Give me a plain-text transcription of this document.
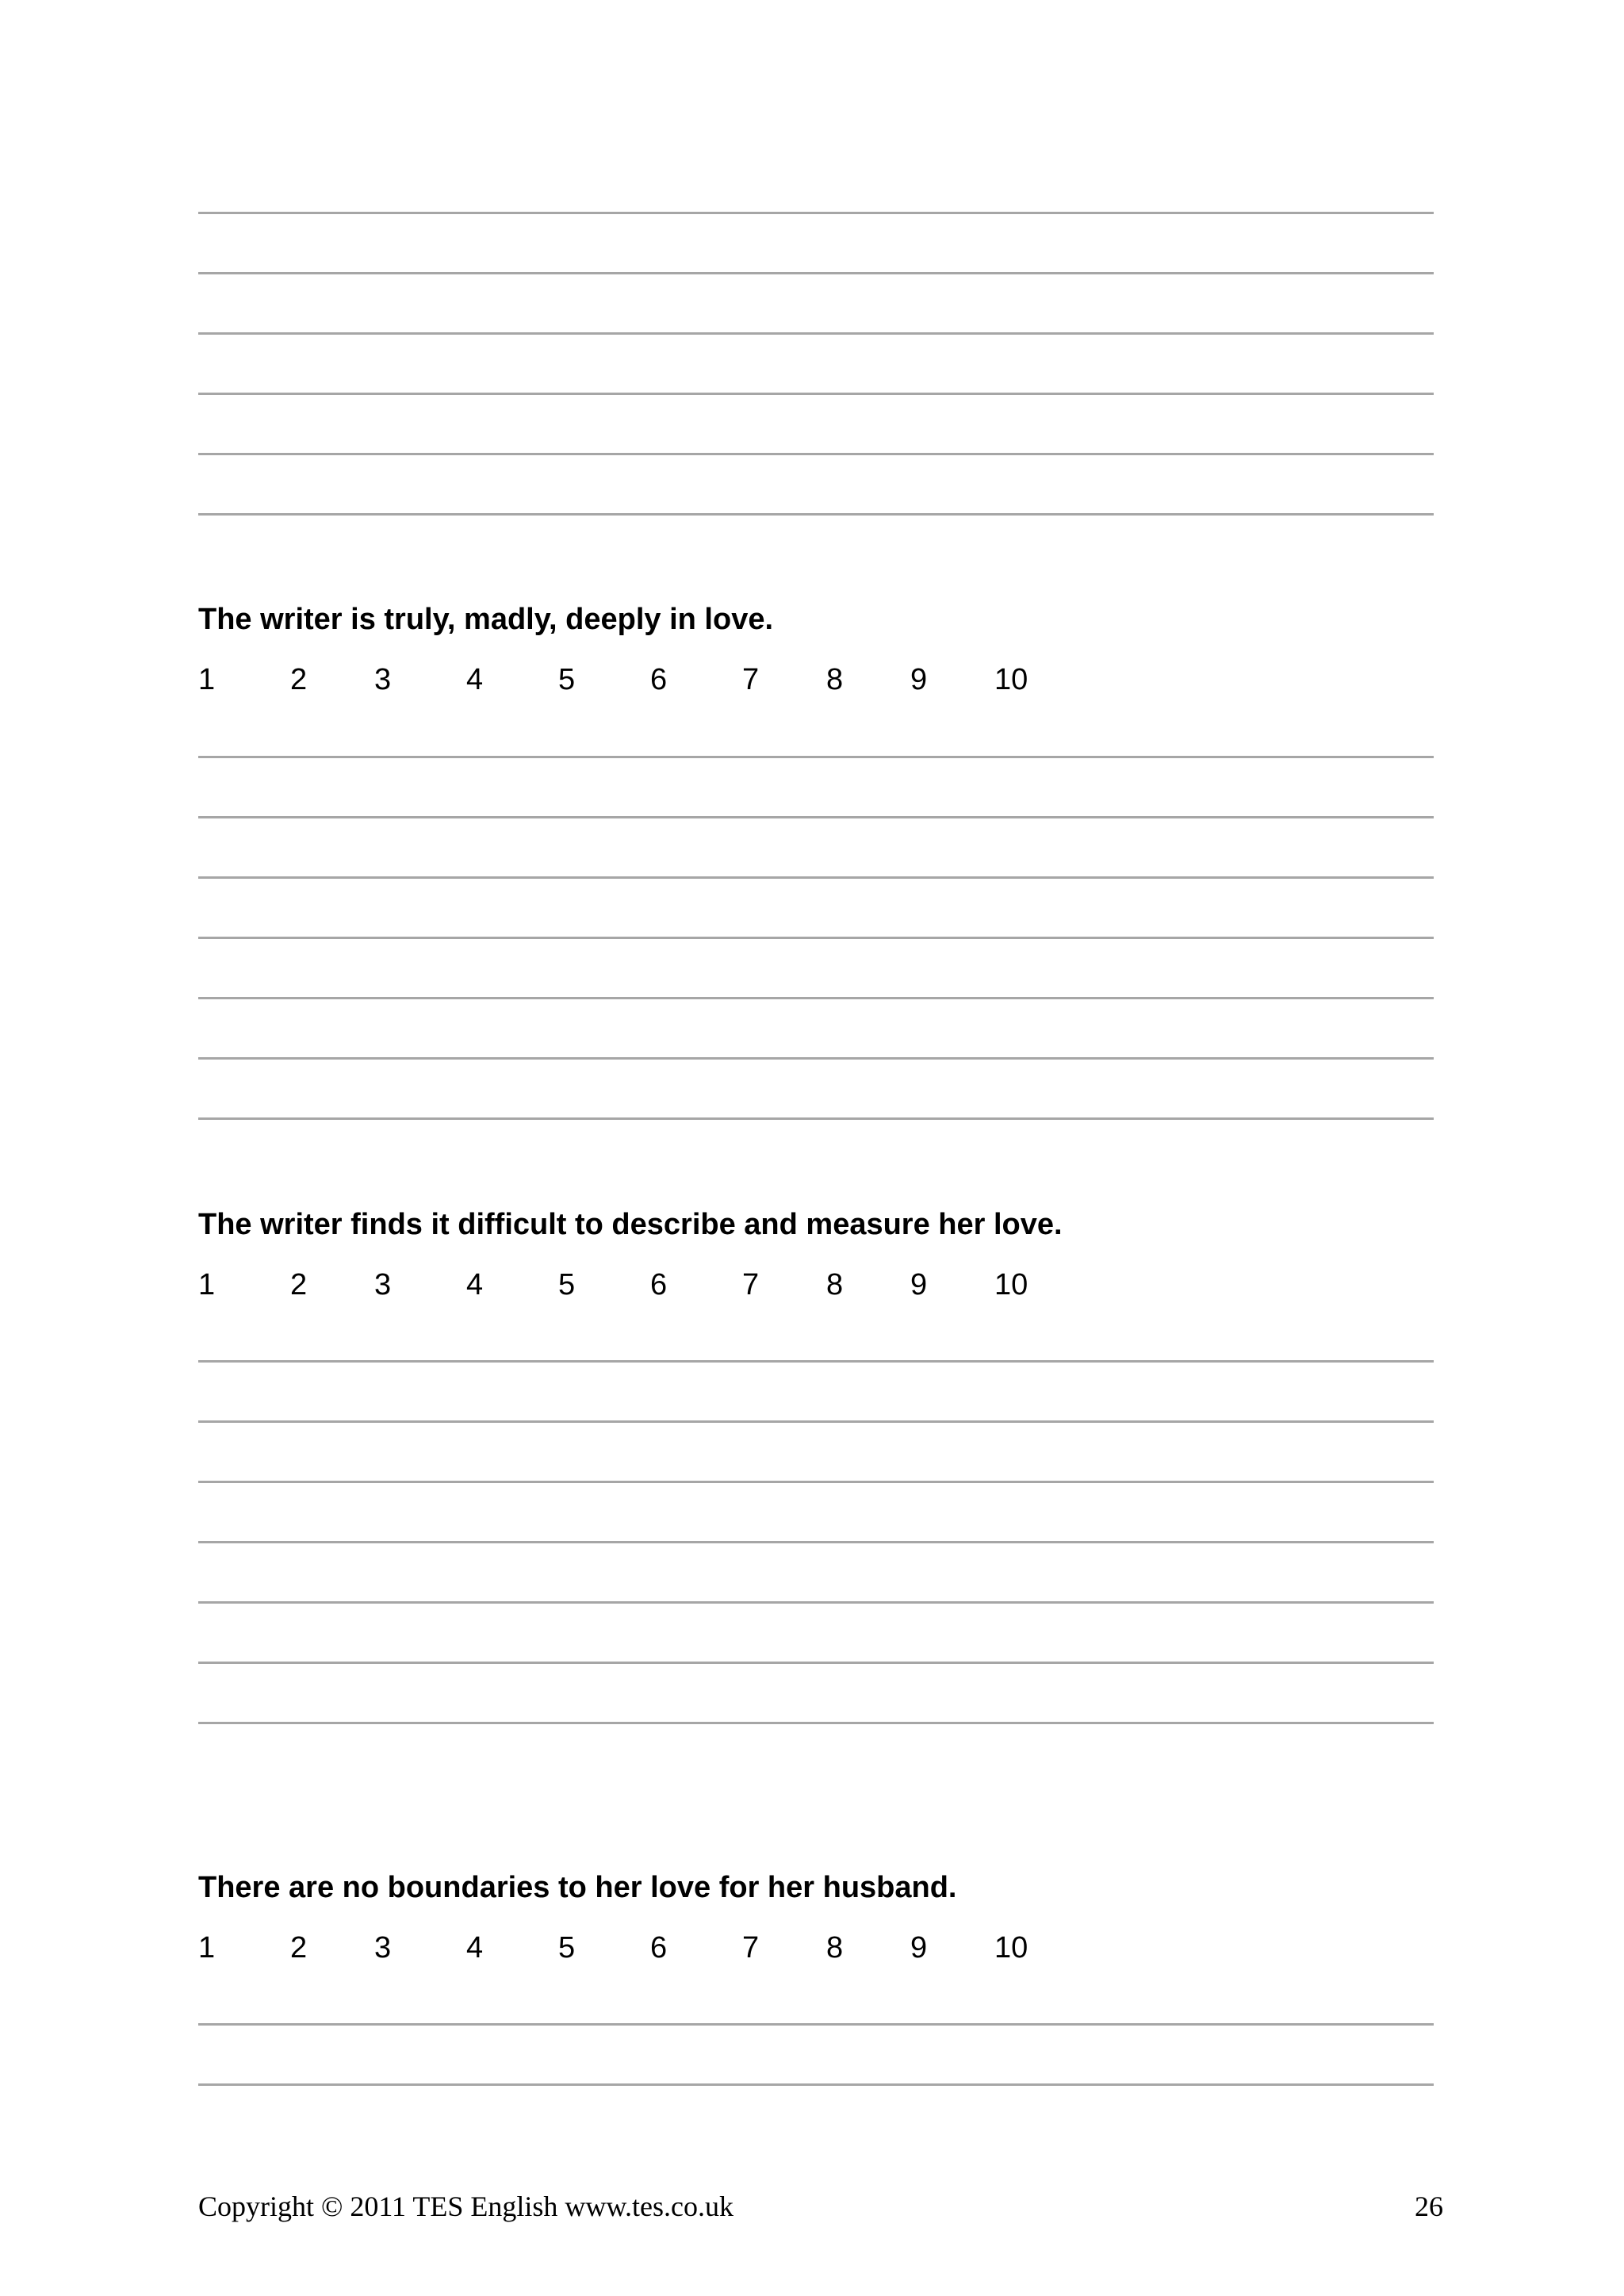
The writer is truly, madly, deeply in love.
1 2 3 4 5 6 7 8 9 10
The writer finds it difficult to describe and measure her love.
1 2 3 4 5 6 7 8 9 10
There are no boundaries to her love for her husband.
1 2 3 4 5 6 7 8 9 10
Copyright © 2011 TES English www.tes.co.uk	26
